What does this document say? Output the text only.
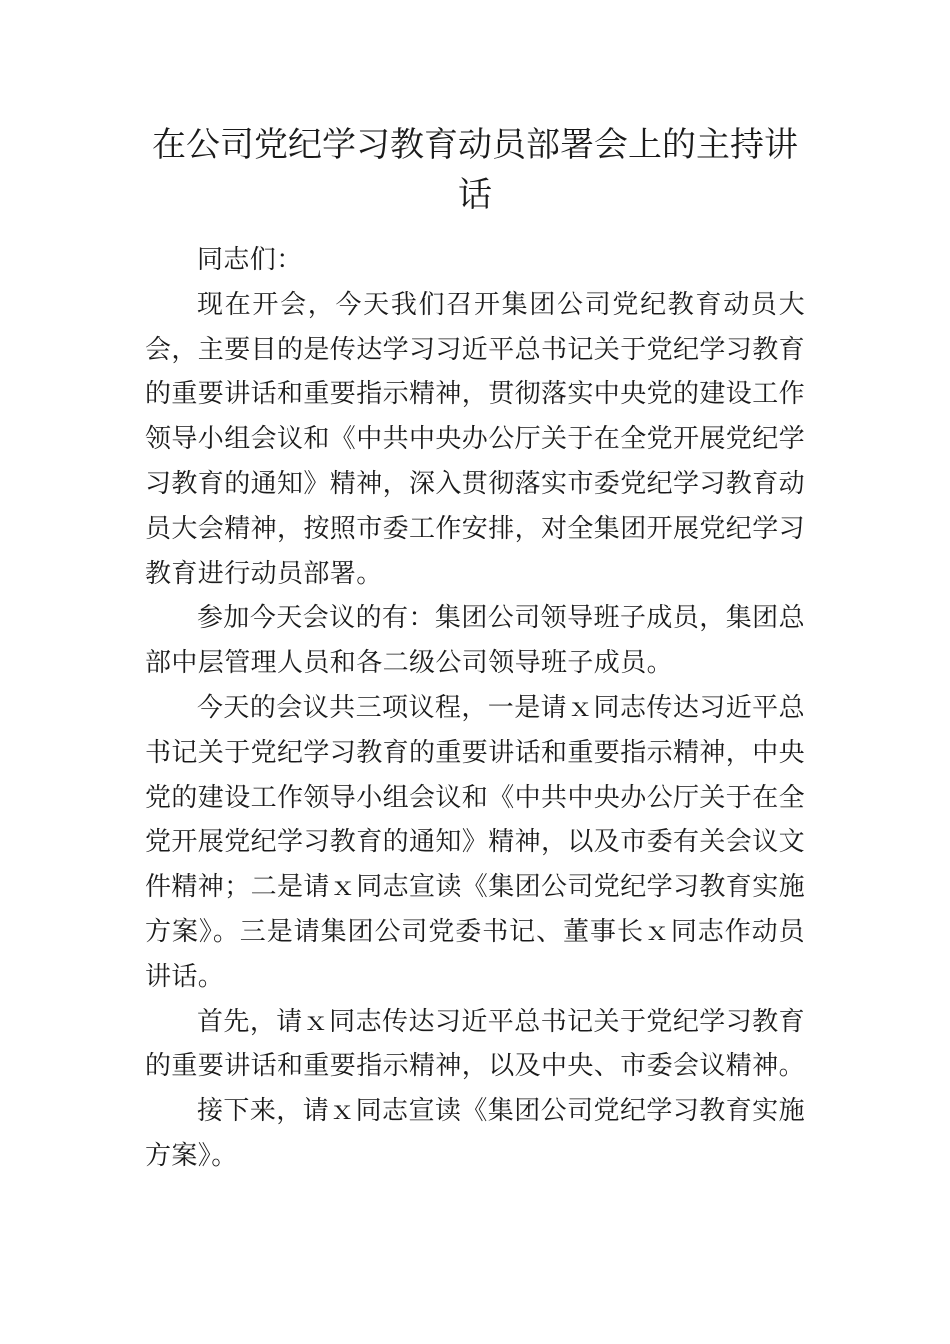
在公司党纪学习教育动员部署会上的主持讲话

同志们：

现在开会，今天我们召开集团公司党纪教育动员大会，主要目的是传达学习习近平总书记关于党纪学习教育的重要讲话和重要指示精神，贯彻落实中央党的建设工作领导小组会议和《中共中央办公厅关于在全党开展党纪学习教育的通知》精神，深入贯彻落实市委党纪学习教育动员大会精神，按照市委工作安排，对全集团开展党纪学习教育进行动员部署。

参加今天会议的有：集团公司领导班子成员，集团总部中层管理人员和各二级公司领导班子成员。

今天的会议共三项议程，一是请ｘ同志传达习近平总书记关于党纪学习教育的重要讲话和重要指示精神，中央党的建设工作领导小组会议和《中共中央办公厅关于在全党开展党纪学习教育的通知》精神，以及市委有关会议文件精神；二是请ｘ同志宣读《集团公司党纪学习教育实施方案》。三是请集团公司党委书记、董事长ｘ同志作动员讲话。

首先，请ｘ同志传达习近平总书记关于党纪学习教育的重要讲话和重要指示精神，以及中央、市委会议精神。

接下来，请ｘ同志宣读《集团公司党纪学习教育实施方案》。
